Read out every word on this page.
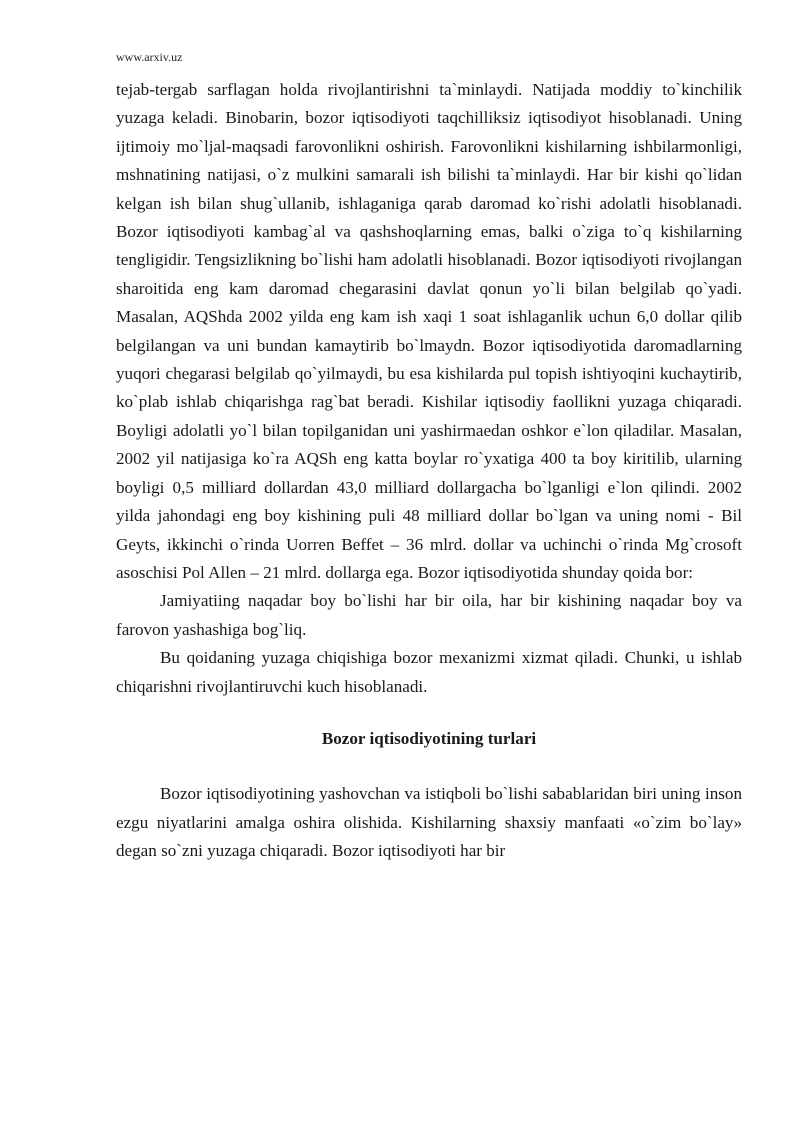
www.arxiv.uz

tejab-tergab sarflagan holda rivojlantirishni ta`minlaydi. Natijada moddiy to`kinchilik yuzaga keladi. Binobarin, bozor iqtisodiyoti taqchilliksiz iqtisodiyot hisoblanadi. Uning ijtimoiy mo`ljal-maqsadi farovonlikni oshirish. Farovonlikni kishilarning ishbilarmonligi, mshnatining natijasi, o`z mulkini samarali ish bilishi ta`minlaydi. Har bir kishi qo`lidan kelgan ish bilan shug`ullanib, ishlaganiga qarab daromad ko`rishi adolatli hisoblanadi. Bozor iqtisodiyoti kambag`al va qashshoqlarning emas, balki o`ziga to`q kishilarning tengligidir. Tengsizlikning bo`lishi ham adolatli hisoblanadi. Bozor iqtisodiyoti rivojlangan sharoitida eng kam daromad chegarasini davlat qonun yo`li bilan belgilab qo`yadi. Masalan, AQShda 2002 yilda eng kam ish xaqi 1 soat ishlaganlik uchun 6,0 dollar qilib belgilangan va uni bundan kamaytirib bo`lmaydn. Bozor iqtisodiyotida daromadlarning yuqori chegarasi belgilab qo`yilmaydi, bu esa kishilarda pul topish ishtiyoqini kuchaytirib, ko`plab ishlab chiqarishga rag`bat beradi. Kishilar iqtisodiy faollikni yuzaga chiqaradi. Boyligi adolatli yo`l bilan topilganidan uni yashirmaedan oshkor e`lon qiladilar. Masalan, 2002 yil natijasiga ko`ra AQSh eng katta boylar ro`yxatiga 400 ta boy kiritilib, ularning boyligi 0,5 milliard dollardan 43,0 milliard dollargacha bo`lganligi e`lon qilindi. 2002 yilda jahondagi eng boy kishining puli 48 milliard dollar bo`lgan va uning nomi - Bil Geyts, ikkinchi o`rinda Uorren Beffet – 36 mlrd. dollar va uchinchi o`rinda Mg`crosoft asoschisi Pol Allen – 21 mlrd. dollarga ega. Bozor iqtisodiyotida shunday qoida bor:

Jamiyatiing naqadar boy bo`lishi har bir oila, har bir kishining naqadar boy va farovon yashashiga bog`liq.

Bu qoidaning yuzaga chiqishiga bozor mexanizmi xizmat qiladi. Chunki, u ishlab chiqarishni rivojlantiruvchi kuch hisoblanadi.

Bozor iqtisodiyotining turlari

Bozor iqtisodiyotining yashovchan va istiqboli bo`lishi sabablaridan biri uning inson ezgu niyatlarini amalga oshira olishida. Kishilarning shaxsiy manfaati «o`zim bo`lay» degan so`zni yuzaga chiqaradi. Bozor iqtisodiyoti har bir
